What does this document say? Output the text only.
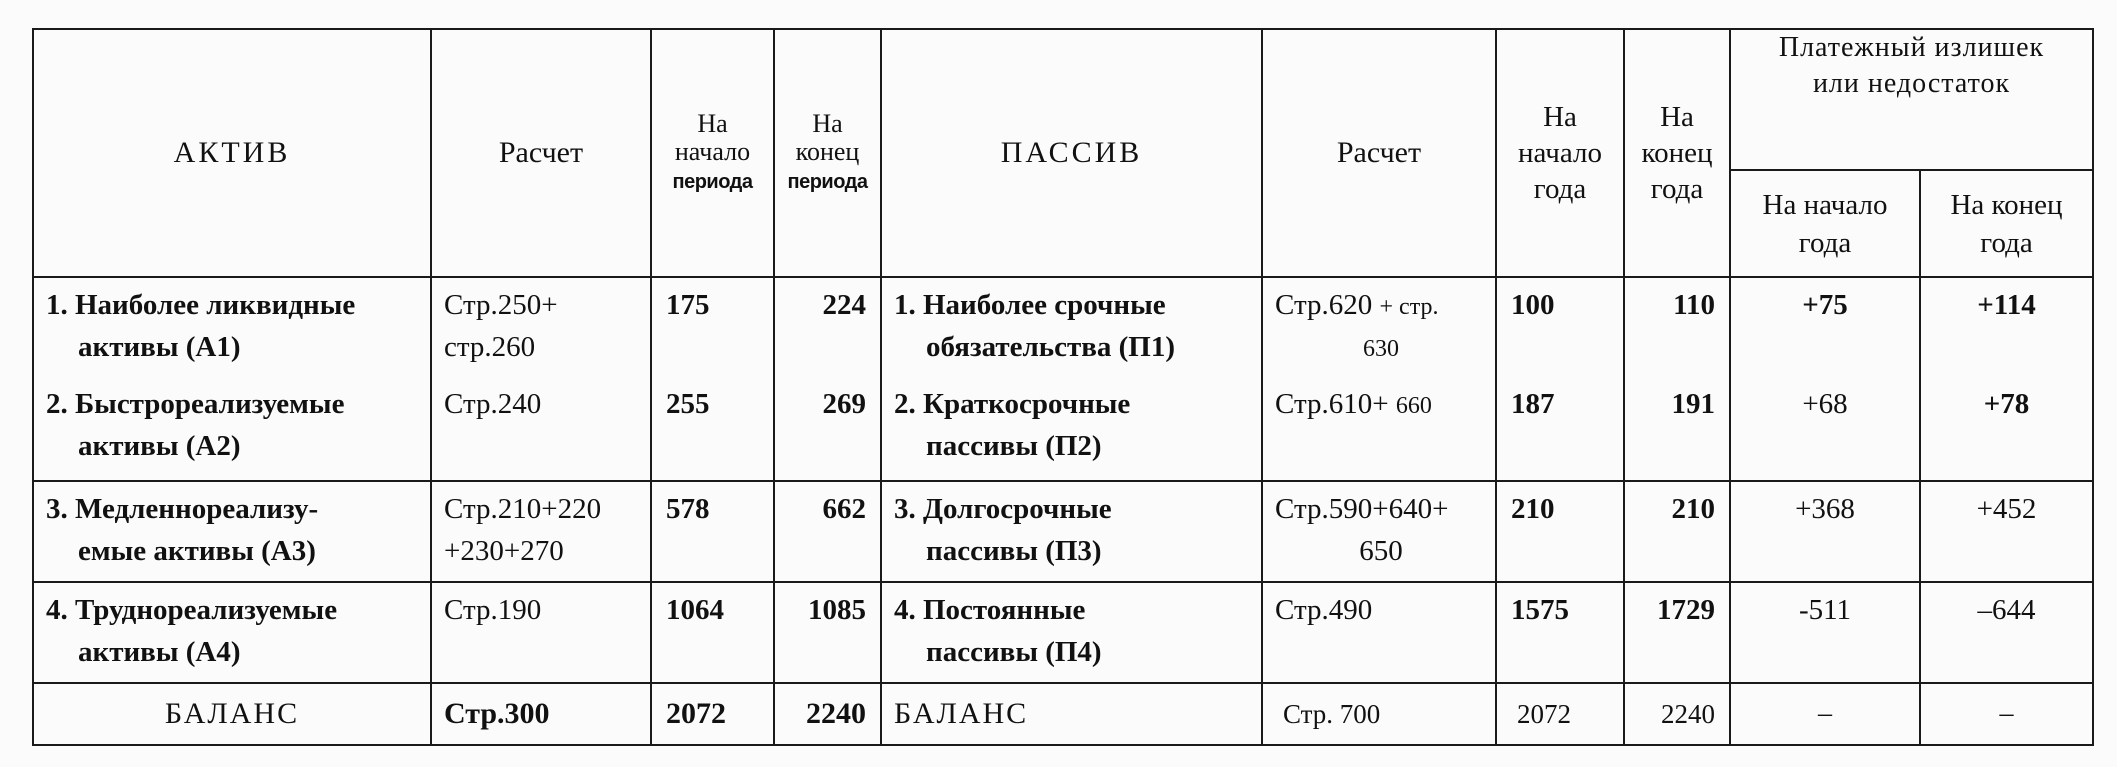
АКТИВ	Расчет	На
начало
периода	На
конец
периода	ПАССИВ	Расчет	На
начало
года	На
конец
года	Платежный излишек
или недостаток	
								На начало
года	На конец
года
1. Наиболее ликвидные
активы (А1)	Стр.250+
стр.260	175	224	1. Наиболее срочные
обязательства (П1)	Стр.620 + стр.

630	100	110	+75	+114
2. Быстрореализуемые
активы (А2)	Стр.240	255	269	2. Краткосрочные
пассивы (П2)	Стр.610+ 660	187	191	+68	+78
3. Медленнореализу-
емые активы (А3)	Стр.210+220
+230+270	578	662	3. Долгосрочные
пассивы (П3)	Стр.590+640+

650	210	210	+368	+452
4. Труднореализуемые
активы (А4)	Стр.190	1064	1085	4. Постоянные
пассивы (П4)	Стр.490	1575	1729	-511	–644
БАЛАНС	Стр.300	2072	2240	БАЛАНС	Стр. 700	2072	2240	–	–
